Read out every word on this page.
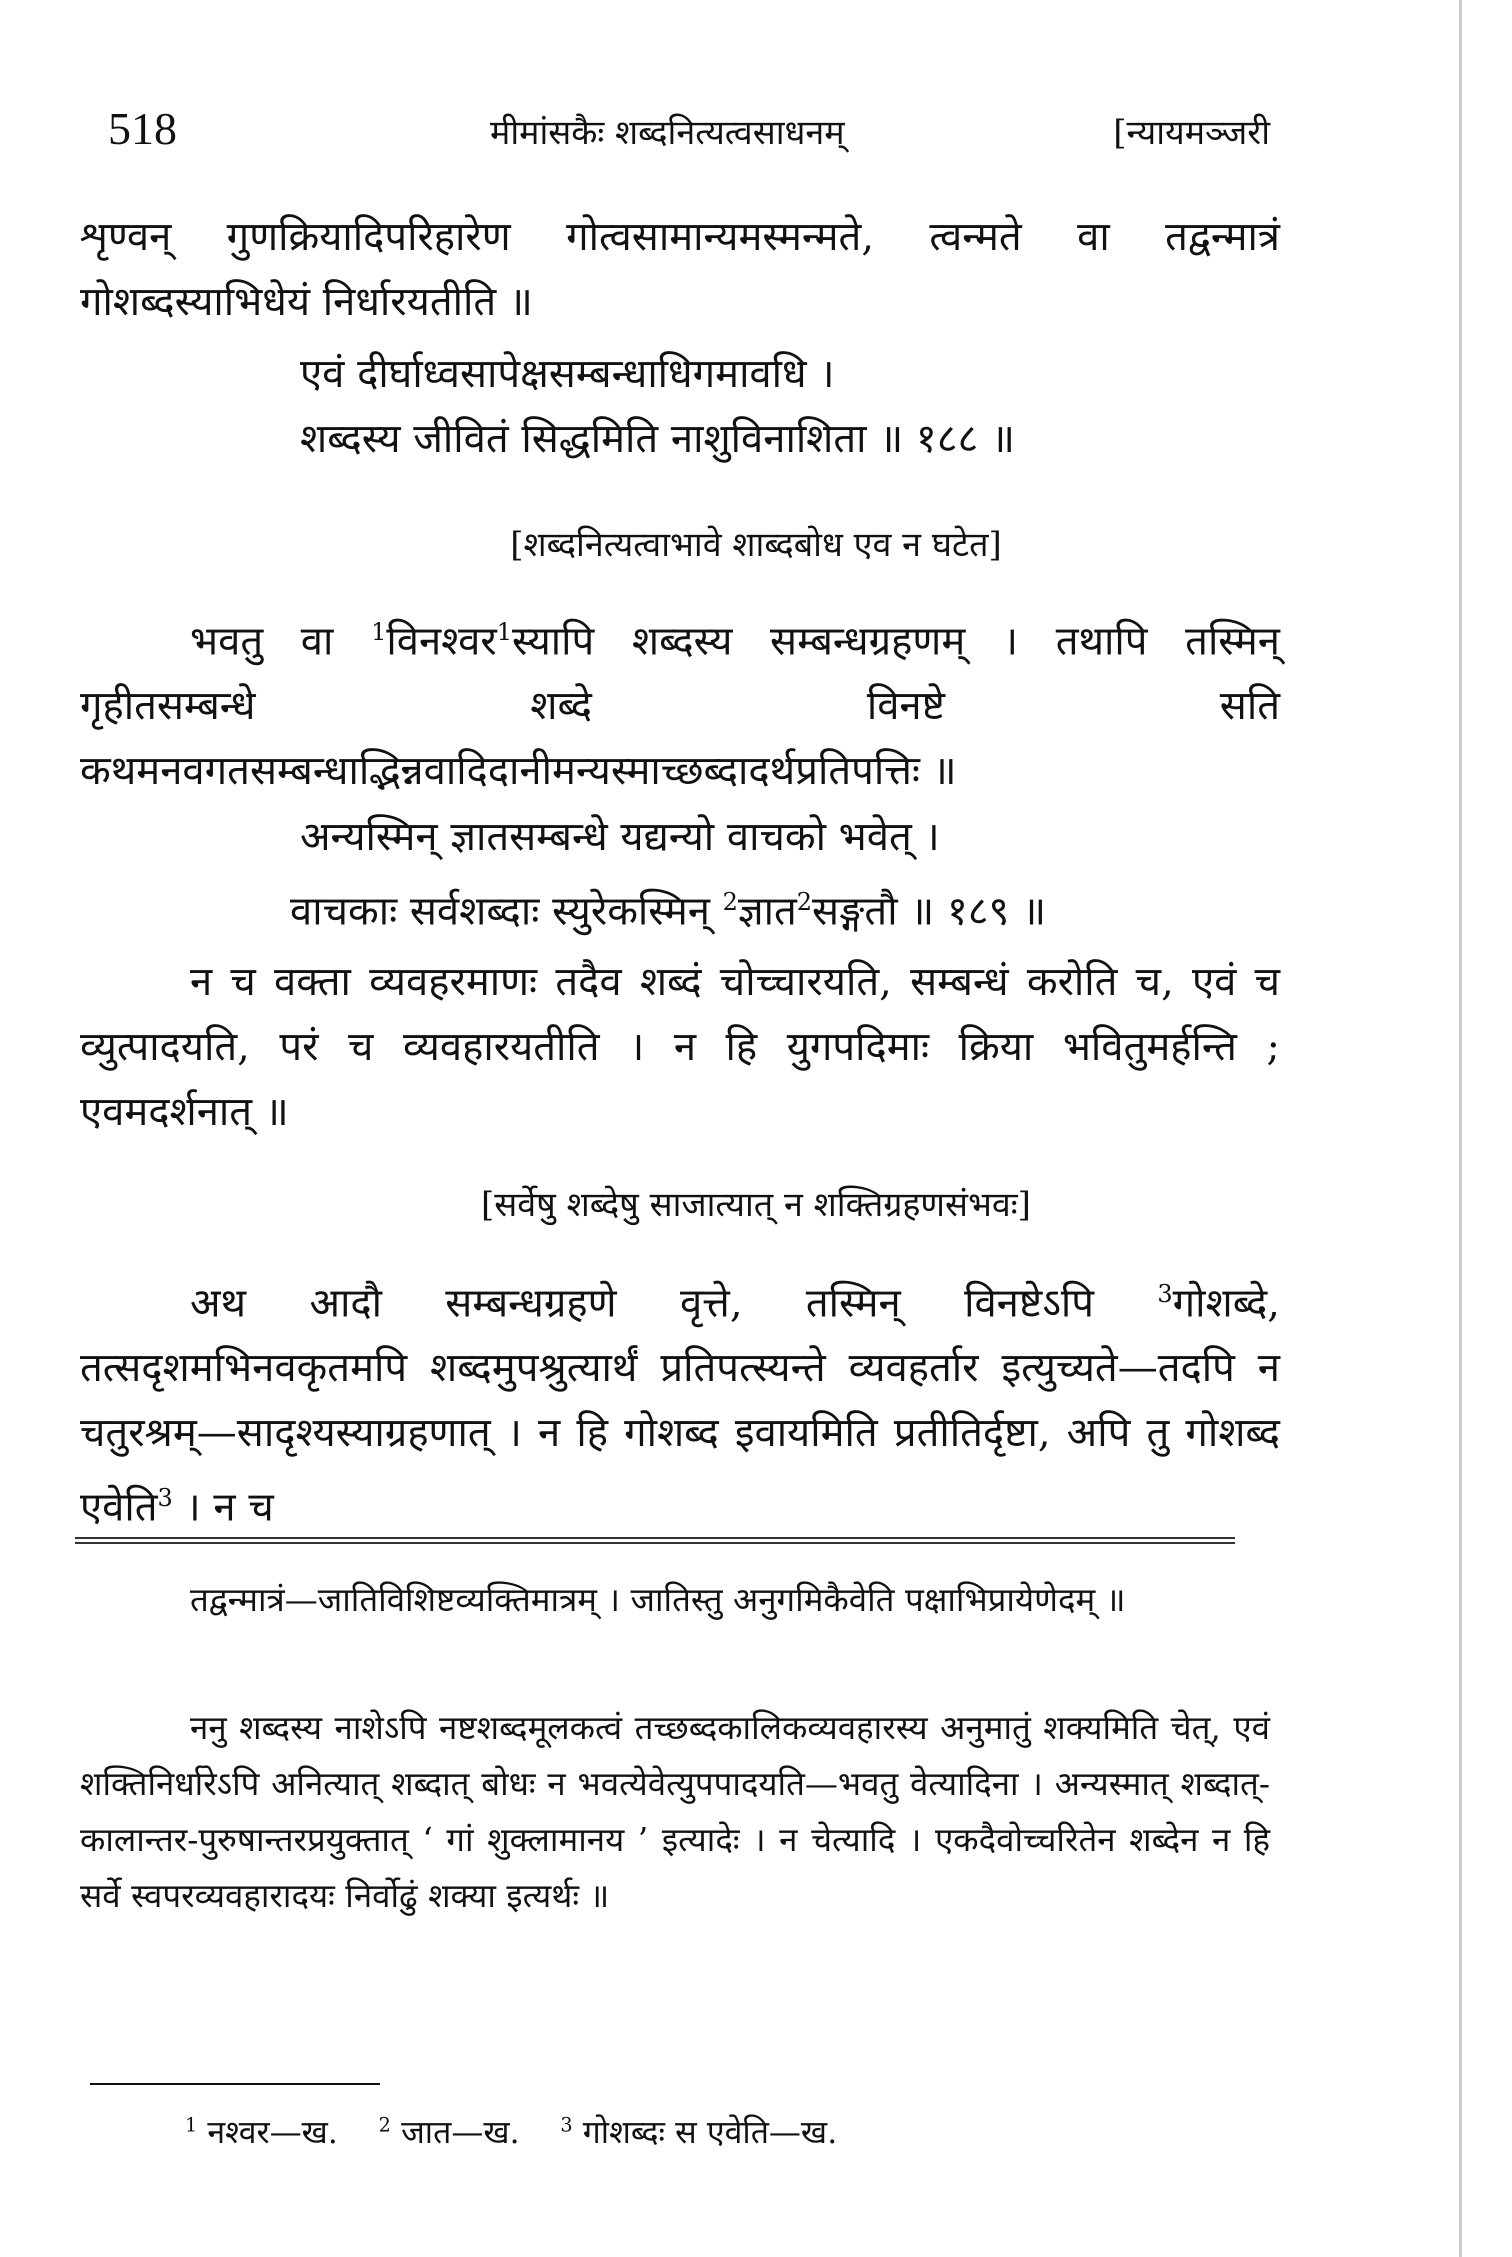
518	मीमांसकैः शब्दनित्यत्वसाधनम्	[न्यायमञ्जरी
शृण्वन् गुणक्रियादिपरिहारेण गोत्वसामान्यमस्मन्मते, त्वन्मते वा तद्वन्मात्रं गोशब्दस्याभिधेयं निर्धारयतीति ॥
एवं दीर्घाध्वसापेक्षसम्बन्धाधिगमावधि ।
शब्दस्य जीवितं सिद्धमिति नाशुविनाशिता ॥ १८८ ॥
[शब्दनित्यत्वाभावे शाब्दबोध एव न घटेत]
भवतु वा $^1$विनश्वर$^1$स्यापि शब्दस्य सम्बन्धग्रहणम् । तथापि तस्मिन् गृहीतसम्बन्धे शब्दे विनष्टे सति कथमनवगतसम्बन्धाद्भिन्नवादिदानीमन्यस्माच्छब्दादर्थप्रतिपत्तिः ॥
अन्यस्मिन् ज्ञातसम्बन्धे यद्यन्यो वाचको भवेत् ।
वाचकाः सर्वशब्दाः स्युरेकस्मिन् $^2$ज्ञात$^2$सङ्गतौ ॥ १८९ ॥
न च वक्ता व्यवहरमाणः तदैव शब्दं चोच्चारयति, सम्बन्धं करोति च, एवं च व्युत्पादयति, परं च व्यवहारयतीति । न हि युगपदिमाः क्रिया भवितुमर्हन्ति ; एवमदर्शनात् ॥
[सर्वेषु शब्देषु साजात्यात् न शक्तिग्रहणसंभवः]
अथ आदौ सम्बन्धग्रहणे वृत्ते, तस्मिन् विनष्टेऽपि $^3$गोशब्दे, तत्सदृशमभिनवकृतमपि शब्दमुपश्रुत्यार्थं प्रतिपत्स्यन्ते व्यवहर्तार इत्युच्यते—तदपि न चतुरश्रम्—सादृश्यस्याग्रहणात् । न हि गोशब्द इवायमिति प्रतीतिर्दृष्टा, अपि तु गोशब्द एवेति$^3$ । न च
तद्वन्मात्रं—जातिविशिष्टव्यक्तिमात्रम् । जातिस्तु अनुगमिकैवेति पक्षाभिप्रायेणेदम् ॥
ननु शब्दस्य नाशेऽपि नष्टशब्दमूलकत्वं तच्छब्दकालिकव्यवहारस्य अनुमातुं शक्यमिति चेत्, एवं शक्तिनिर्धारेऽपि अनित्यात् शब्दात् बोधः न भवत्येवेत्युपपादयति—भवतु वेत्यादिना । अन्यस्मात् शब्दात्-कालान्तर-पुरुषान्तरप्रयुक्तात् ‘ गां शुक्लामानय ’ इत्यादेः । न चेत्यादि । एकदैवोच्चरितेन शब्देन न हि सर्वे स्वपरव्यवहारादयः निर्वोढुं शक्या इत्यर्थः ॥
$^1$ नश्वर—ख. $^2$ जात—ख. $^3$ गोशब्दः स एवेति—ख.
